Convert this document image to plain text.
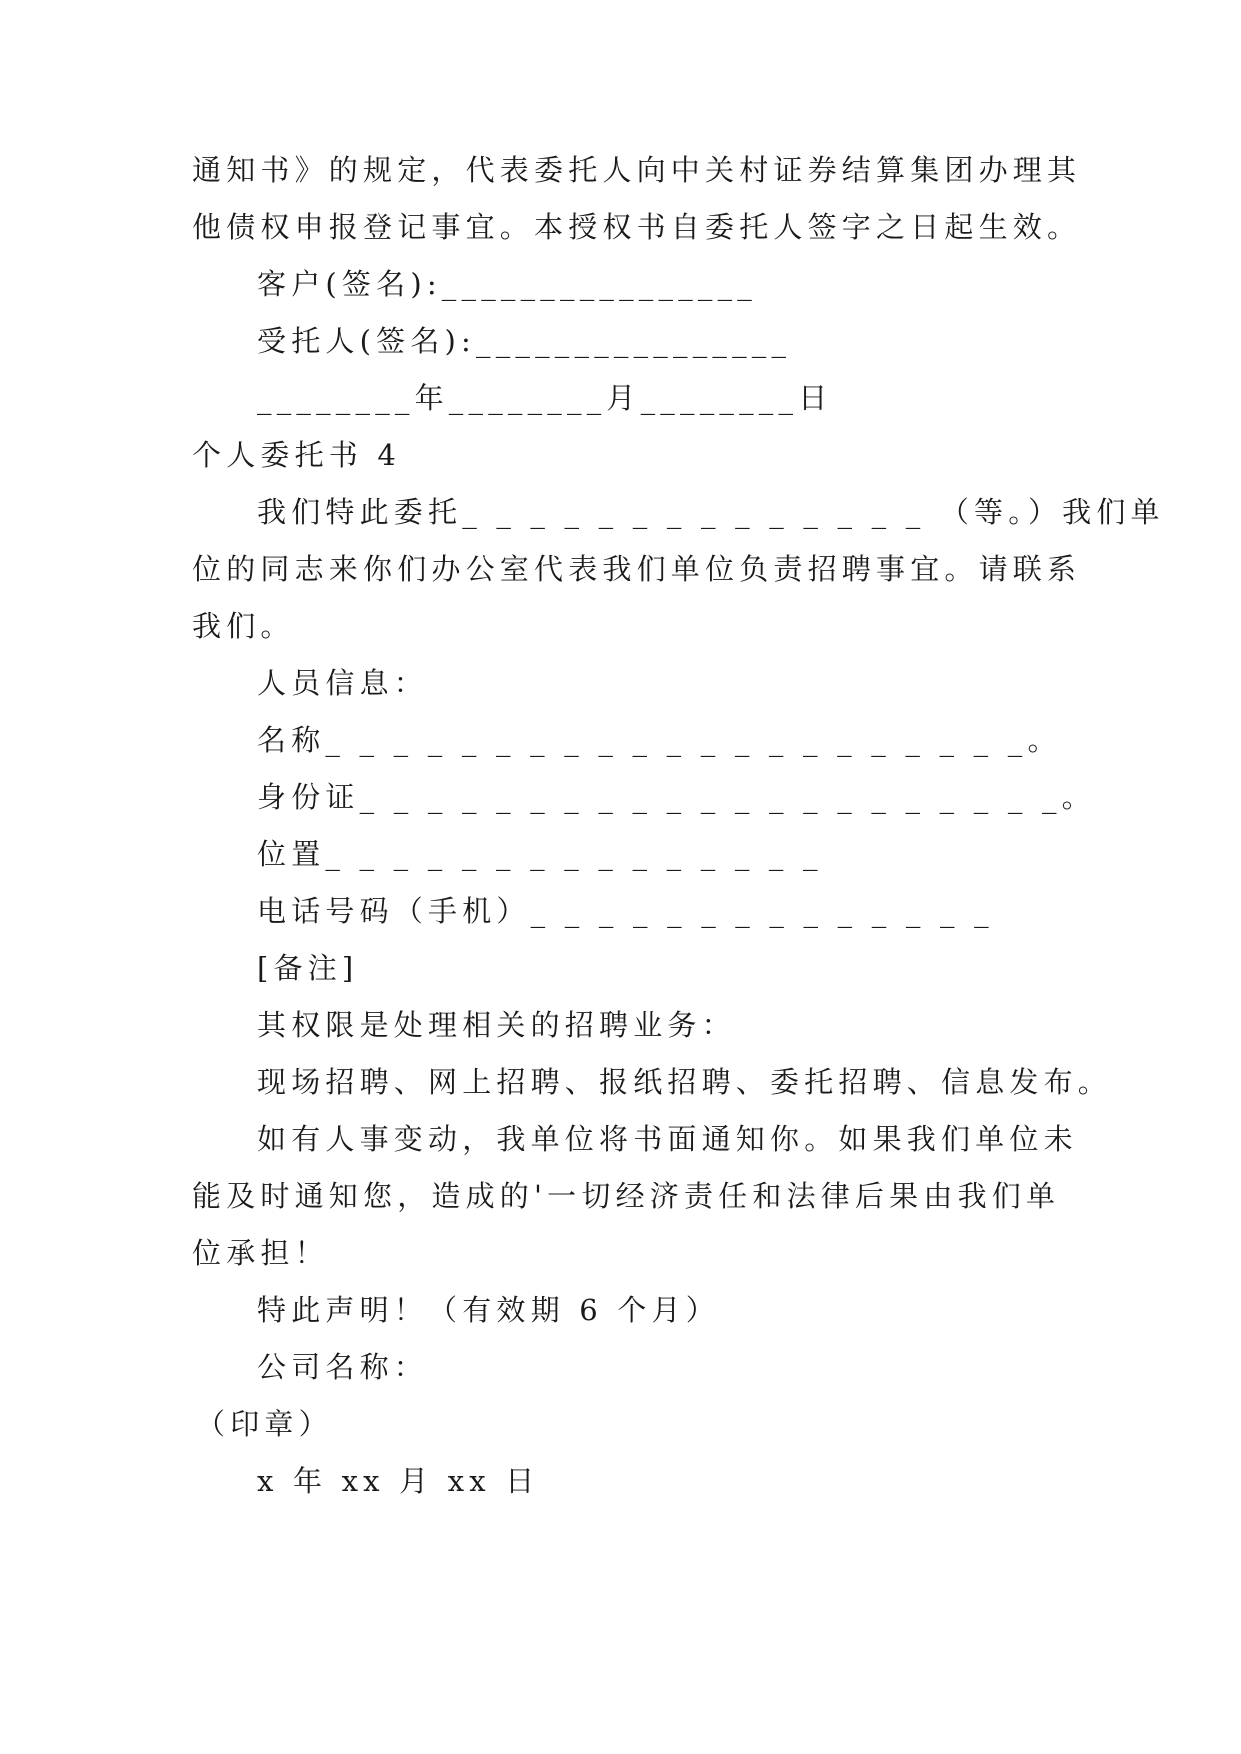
通知书》的规定，代表委托人向中关村证券结算集团办理其
他债权申报登记事宜。本授权书自委托人签字之日起生效。
客户(签名):________________
受托人(签名):________________
________年________月________日
个人委托书 4
我们特此委托_ _ _ _ _ _ _ _ _ _ _ _ _ _ （等。）我们单
位的同志来你们办公室代表我们单位负责招聘事宜。请联系
我们。
人员信息：
名称_ _ _ _ _ _ _ _ _ _ _ _ _ _ _ _ _ _ _ _ _。
身份证_ _ _ _ _ _ _ _ _ _ _ _ _ _ _ _ _ _ _ _ _。
位置_ _ _ _ _ _ _ _ _ _ _ _ _ _ _
电话号码（手机）_ _ _ _ _ _ _ _ _ _ _ _ _ _
[备注]
其权限是处理相关的招聘业务：
现场招聘、网上招聘、报纸招聘、委托招聘、信息发布。
如有人事变动，我单位将书面通知你。如果我们单位未
能及时通知您，造成的'一切经济责任和法律后果由我们单
位承担！
特此声明！（有效期 6 个月）
公司名称：
（印章）
x 年 xx 月 xx 日
